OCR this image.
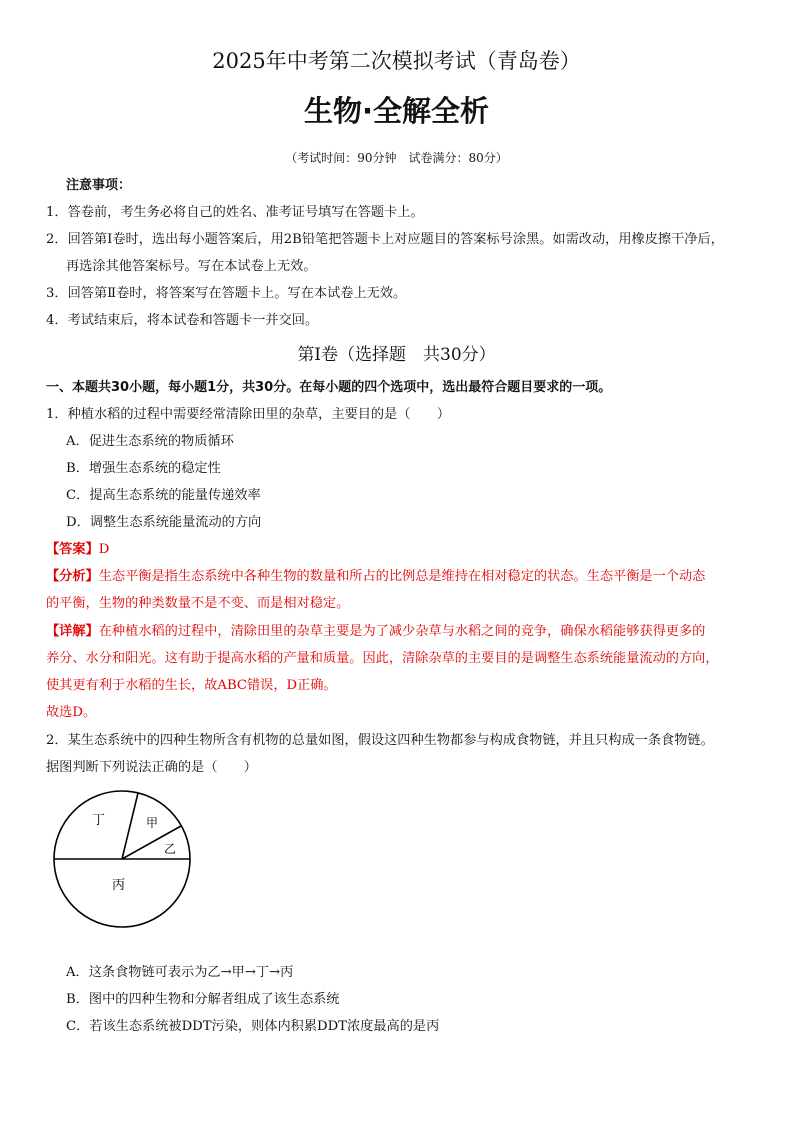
2025年中考第二次模拟考试（青岛卷）
生物·全解全析
（考试时间：90分钟　试卷满分：80分）
注意事项：
1．答卷前，考生务必将自己的姓名、准考证号填写在答题卡上。
2．回答第Ⅰ卷时，选出每小题答案后，用2B铅笔把答题卡上对应题目的答案标号涂黑。如需改动，用橡皮擦干净后，
再选涂其他答案标号。写在本试卷上无效。
3．回答第Ⅱ卷时，将答案写在答题卡上。写在本试卷上无效。
4．考试结束后，将本试卷和答题卡一并交回。
第Ⅰ卷（选择题　共30分）
一、本题共30小题，每小题1分，共30分。在每小题的四个选项中，选出最符合题目要求的一项。
1．种植水稻的过程中需要经常清除田里的杂草，主要目的是（　　）
A．促进生态系统的物质循环
B．增强生态系统的稳定性
C．提高生态系统的能量传递效率
D．调整生态系统能量流动的方向
【答案】D
【分析】生态平衡是指生态系统中各种生物的数量和所占的比例总是维持在相对稳定的状态。生态平衡是一个动态
的平衡，生物的种类数量不是不变、而是相对稳定。
【详解】在种植水稻的过程中，清除田里的杂草主要是为了减少杂草与水稻之间的竞争，确保水稻能够获得更多的
养分、水分和阳光。这有助于提高水稻的产量和质量。因此，清除杂草的主要目的是调整生态系统能量流动的方向，
使其更有利于水稻的生长，故ABC错误，D正确。
故选D。
2．某生态系统中的四种生物所含有机物的总量如图，假设这四种生物都参与构成食物链，并且只构成一条食物链。
据图判断下列说法正确的是（　　）
丁	甲
乙
丙
A．这条食物链可表示为乙→甲→丁→丙
B．图中的四种生物和分解者组成了该生态系统
C．若该生态系统被DDT污染，则体内积累DDT浓度最高的是丙
